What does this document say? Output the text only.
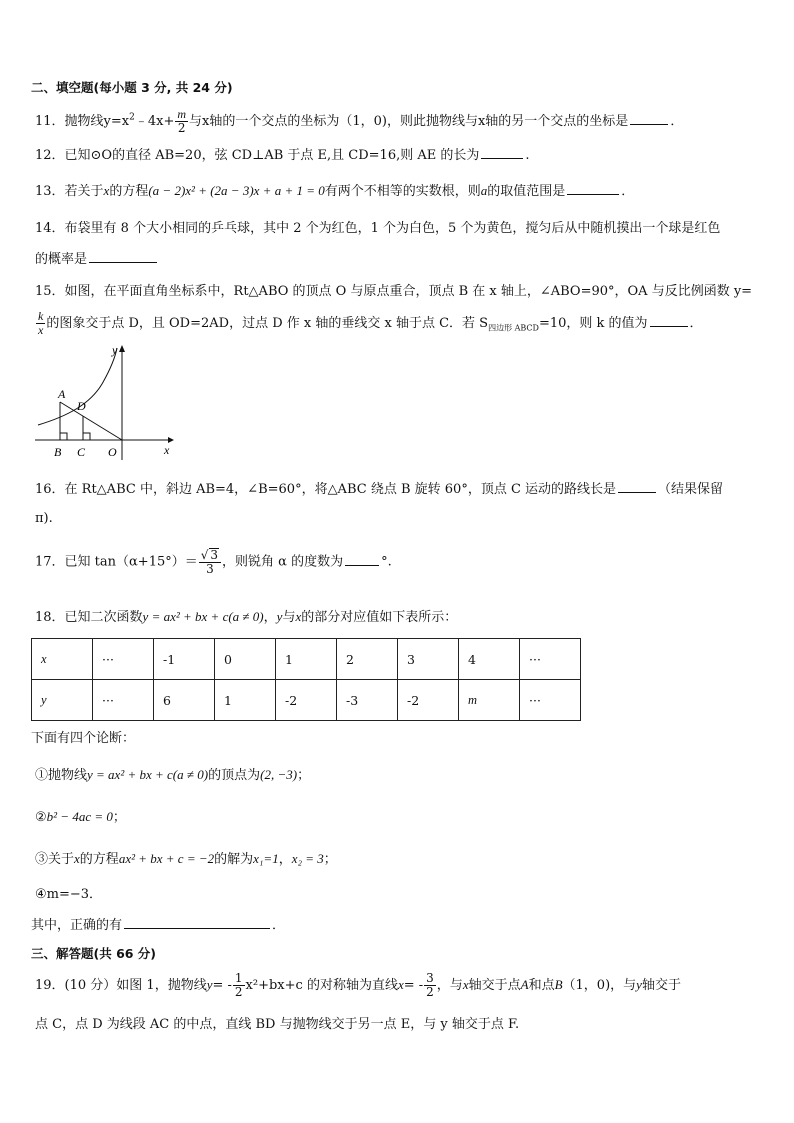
二、填空题(每小题 3 分, 共 24 分)
11．抛物线$y=x^2﹣4x+ \frac{m}{2}$ 与x轴的一个交点的坐标为（1，0)，则此抛物线与x轴的另一个交点的坐标是	．
12．已知⊙O的直径 AB=20，弦 CD⊥AB 于点 E,且 CD=16,则 AE 的长为	.
13．若关于x的方程(a − 2)x² + (2a − 3)x + a + 1 = 0有两个不相等的实数根，则a的取值范围是	．
14．布袋里有 8 个大小相同的乒乓球，其中 2 个为红色，1 个为白色，5 个为黄色，搅匀后从中随机摸出一个球是红色
的概率是
15．如图，在平面直角坐标系中，Rt△ABO 的顶点 O 与原点重合，顶点 B 在 x 轴上，∠ABO=90°，OA 与反比例函数 y=
$\frac{k}{x}$ 的图象交于点 D，且 OD=2AD，过点 D 作 x 轴的垂线交 x 轴于点 C．若 $S_{四边形 ABCD}=10$，则 k 的值为	．
y
x
A
D
B C O
16．在 Rt△ABC 中，斜边 AB=4，∠B=60°，将△ABC 绕点 B 旋转 60°，顶点 C 运动的路线长是	（结果保留
π).
17．已知 $\tan(\alpha+15^\circ)= \frac{√ 3}{3}$ ，则锐角 α 的度数为	°.
18．已知二次函数y = ax² + bx + c(a ≠ 0)，y与x的部分对应值如下表所示：
x	···	-1	0	1	2	3	4	···
y	···	6	1	-2	-3	-2	m	···
下面有四个论断：
①抛物线y = ax² + bx + c(a ≠ 0)的顶点为(2, −3)；
②b² − 4ac = 0；
③关于x的方程ax² + bx + c = −2的解为x₁=1，x₂ = 3；
④m=−3．
其中，正确的有	．
三、解答题(共 66 分)
19．(10 分）如图 1，抛物线$y= - \frac{1}{2} x^2+bx+c$ 的对称轴为直线$x= - \frac{3}{2}$ ，与x轴交于点A和点B（1，0)，与y轴交于
点 C，点 D 为线段 AC 的中点，直线 BD 与抛物线交于另一点 E，与 y 轴交于点 F.
